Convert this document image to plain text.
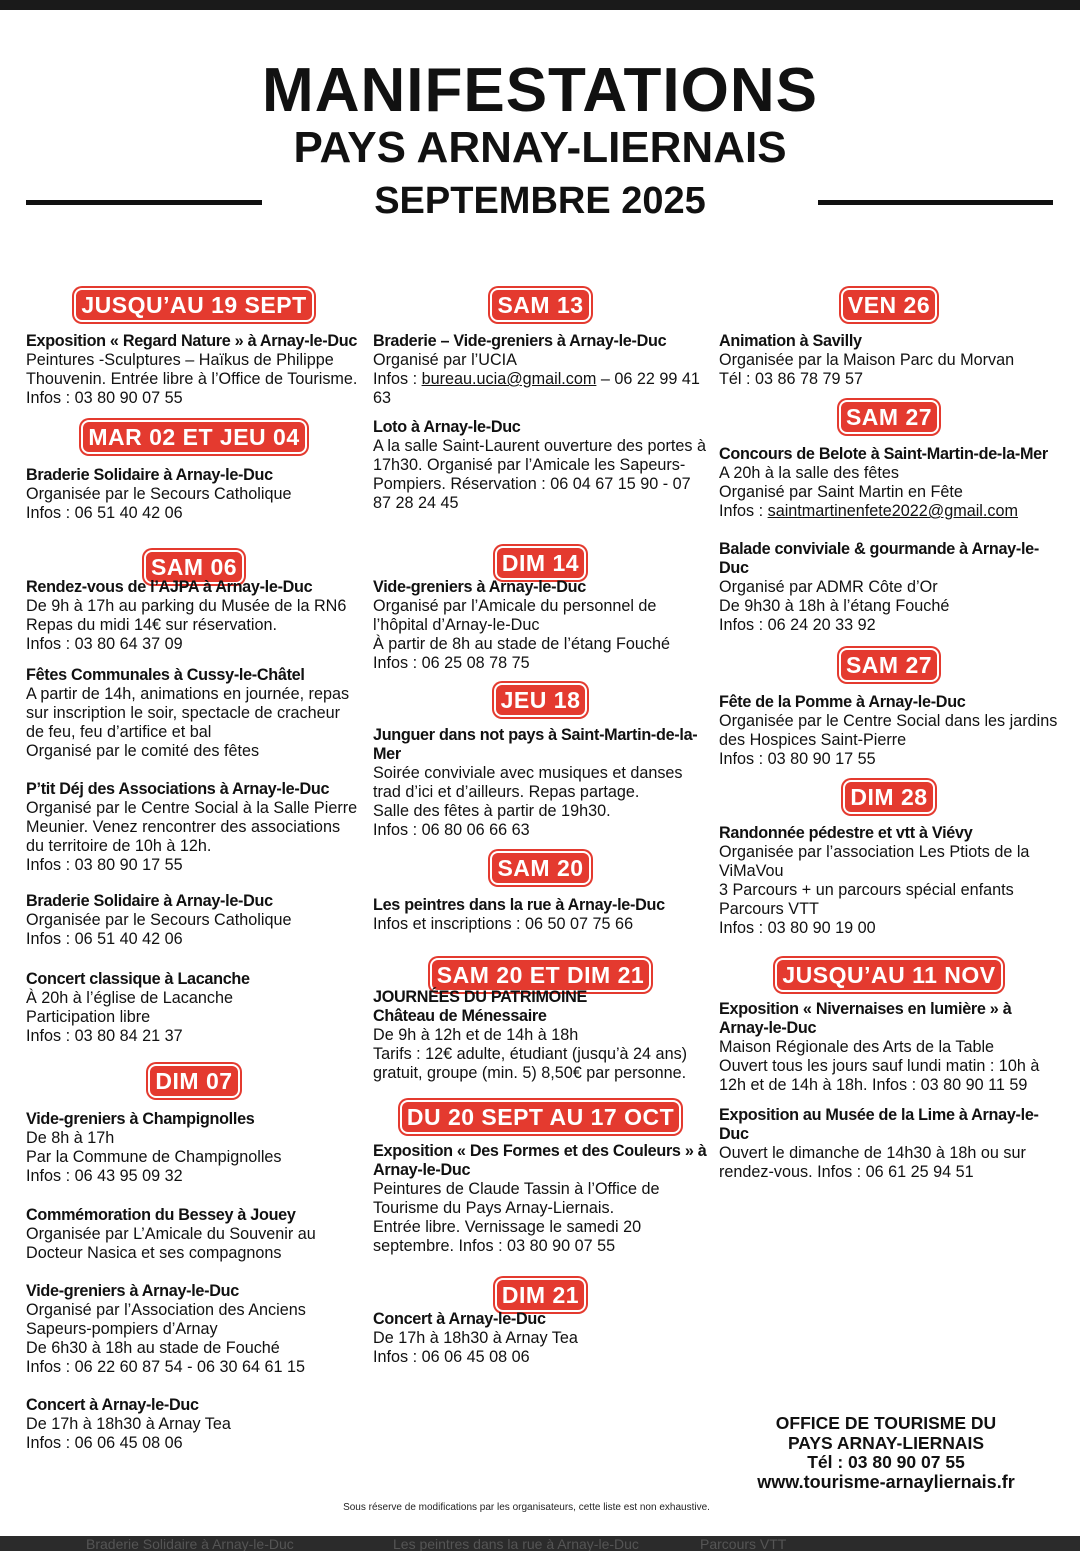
MANIFESTATIONS
PAYS ARNAY-LIERNAIS
SEPTEMBRE 2025
JUSQU’AU 19 SEPT
Exposition « Regard Nature » à Arnay-le-Duc
Peintures -Sculptures – Haïkus de Philippe Thouvenin. Entrée libre à l’Office de Tourisme. Infos : 03 80 90 07 55
MAR 02 ET JEU 04
Braderie Solidaire à Arnay-le-Duc
Organisée par le Secours Catholique
Infos : 06 51 40 42 06
SAM 06
Rendez-vous de l’AJPA à Arnay-le-Duc
De 9h à 17h au parking du Musée de la RN6
Repas du midi 14€ sur réservation.
Infos : 03 80 64 37 09
Fêtes Communales à Cussy-le-Châtel
A partir de 14h, animations en journée, repas sur inscription le soir, spectacle de cracheur de feu, feu d’artifice et bal
Organisé par le comité des fêtes
P’tit Déj des Associations à Arnay-le-Duc
Organisé par le Centre Social à la Salle Pierre Meunier. Venez rencontrer des associations du territoire de 10h à 12h.
Infos : 03 80 90 17 55
Braderie Solidaire à Arnay-le-Duc
Organisée par le Secours Catholique
Infos : 06 51 40 42 06
Concert classique à Lacanche
À 20h à l’église de Lacanche
Participation libre
Infos : 03 80 84 21 37
DIM 07
Vide-greniers à Champignolles
De 8h à 17h
Par la Commune de Champignolles
Infos : 06 43 95 09 32
Commémoration du Bessey à Jouey
Organisée par L’Amicale du Souvenir au Docteur Nasica et ses compagnons
Vide-greniers à Arnay-le-Duc
Organisé par l’Association des Anciens Sapeurs-pompiers d’Arnay
De 6h30 à 18h au stade de Fouché
Infos : 06 22 60 87 54 - 06 30 64 61 15
Concert à Arnay-le-Duc
De 17h à 18h30 à Arnay Tea
Infos : 06 06 45 08 06
SAM 13
Braderie – Vide-greniers à Arnay-le-Duc
Organisé par l’UCIA
Infos : bureau.ucia@gmail.com – 06 22 99 41 63
Loto à Arnay-le-Duc
A la salle Saint-Laurent ouverture des portes à 17h30. Organisé par l’Amicale les Sapeurs-Pompiers. Réservation : 06 04 67 15 90 - 07 87 28 24 45
DIM 14
Vide-greniers à Arnay-le-Duc
Organisé par l’Amicale du personnel de l’hôpital d’Arnay-le-Duc
À partir de 8h au stade de l’étang Fouché
Infos : 06 25 08 78 75
JEU 18
Junguer dans not pays à Saint-Martin-de-la-Mer
Soirée conviviale avec musiques et danses trad d’ici et d’ailleurs. Repas partage.
Salle des fêtes à partir de 19h30.
Infos : 06 80 06 66 63
SAM 20
Les peintres dans la rue à Arnay-le-Duc
Infos et inscriptions : 06 50 07 75 66
SAM 20 ET DIM 21
JOURNÉES DU PATRIMOINE
Château de Ménessaire
De 9h à 12h et de 14h à 18h
Tarifs : 12€ adulte, étudiant (jusqu’à 24 ans) gratuit, groupe (min. 5) 8,50€ par personne.
DU 20 SEPT AU 17 OCT
Exposition « Des Formes et des Couleurs » à Arnay-le-Duc
Peintures de Claude Tassin à l’Office de Tourisme du Pays Arnay-Liernais.
Entrée libre. Vernissage le samedi 20 septembre. Infos : 03 80 90 07 55
DIM 21
Concert à Arnay-le-Duc
De 17h à 18h30 à Arnay Tea
Infos : 06 06 45 08 06
VEN 26
Animation à Savilly
Organisée par la Maison Parc du Morvan
Tél : 03 86 78 79 57
SAM 27
Concours de Belote à Saint-Martin-de-la-Mer
A 20h à la salle des fêtes
Organisé par Saint Martin en Fête
Infos : saintmartinenfete2022@gmail.com
Balade conviviale & gourmande à Arnay-le-Duc
Organisé par ADMR Côte d’Or
De 9h30 à 18h à l’étang Fouché
Infos : 06 24 20 33 92
SAM 27
Fête de la Pomme à Arnay-le-Duc
Organisée par le Centre Social dans les jardins des Hospices Saint-Pierre
Infos : 03 80 90 17 55
DIM 28
Randonnée pédestre et vtt à Viévy
Organisée par l’association Les Ptiots de la ViMaVou
3 Parcours + un parcours spécial enfants Parcours VTT
Infos : 03 80 90 19 00
JUSQU’AU 11 NOV
Exposition « Nivernaises en lumière » à Arnay-le-Duc
Maison Régionale des Arts de la Table
Ouvert tous les jours sauf lundi matin : 10h à 12h et de 14h à 18h. Infos : 03 80 90 11 59
Exposition au Musée de la Lime à Arnay-le-Duc
Ouvert le dimanche de 14h30 à 18h ou sur rendez-vous. Infos : 06 61 25 94 51
OFFICE DE TOURISME DU
PAYS ARNAY-LIERNAIS
Tél : 03 80 90 07 55
www.tourisme-arnayliernais.fr
Sous réserve de modifications par les organisateurs, cette liste est non exhaustive.
Braderie Solidaire à Arnay-le-Duc	Les peintres dans la rue à Arnay-le-Duc	Parcours VTT
